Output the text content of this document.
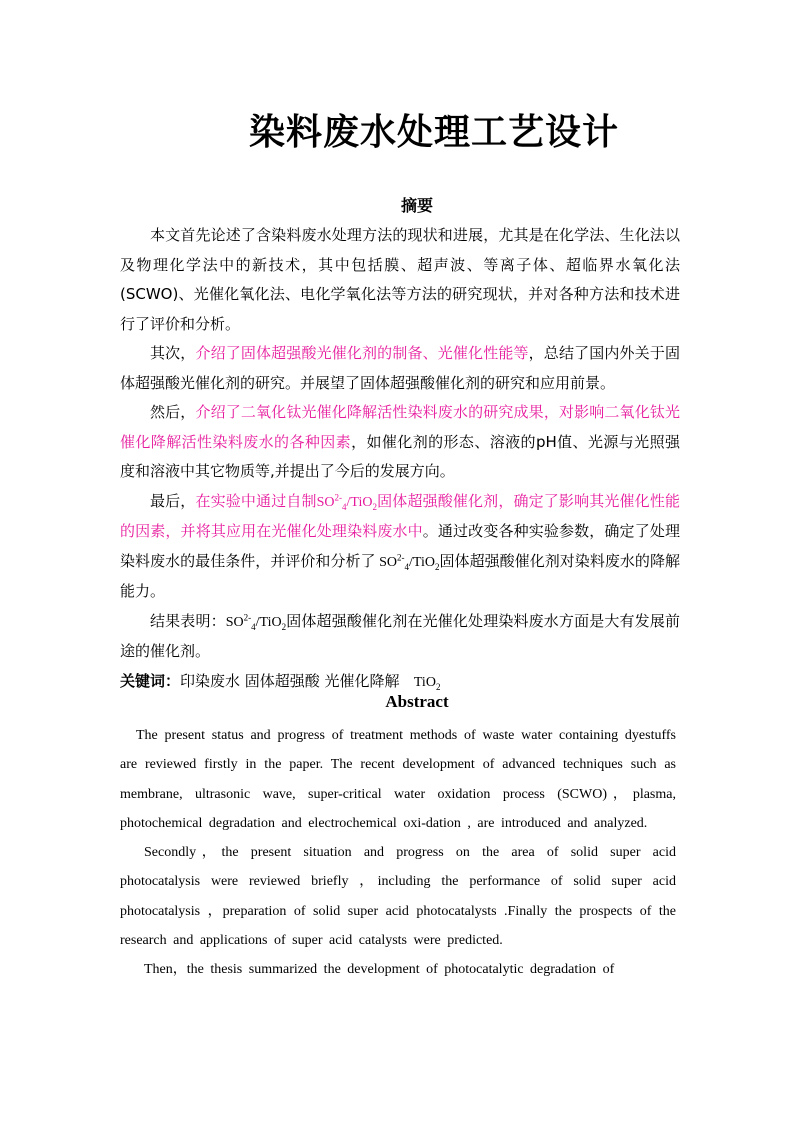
染料废水处理工艺设计
摘要

本文首先论述了含染料废水处理方法的现状和进展，尤其是在化学法、生化法以及物理化学法中的新技术，其中包括膜、超声波、等离子体、超临界水氧化法(SCWO)、光催化氧化法、电化学氧化法等方法的研究现状，并对各种方法和技术进行了评价和分析。

其次，介绍了固体超强酸光催化剂的制备、光催化性能等，总结了国内外关于固体超强酸光催化剂的研究。并展望了固体超强酸催化剂的研究和应用前景。

然后，介绍了二氧化钛光催化降解活性染料废水的研究成果，对影响二氧化钛光催化降解活性染料废水的各种因素，如催化剂的形态、溶液的pH值、光源与光照强度和溶液中其它物质等,并提出了今后的发展方向。

最后，在实验中通过自制$SO^{2-}_4/TiO_2$固体超强酸催化剂，确定了影响其光催化性能的因素，并将其应用在光催化处理染料废水中。通过改变各种实验参数，确定了处理染料废水的最佳条件，并评价和分析了 $SO^{2-}_4/TiO_2$固体超强酸催化剂对染料废水的降解能力。

结果表明：$SO^{2-}_4/TiO_2$固体超强酸催化剂在光催化处理染料废水方面是大有发展前途的催化剂。

关键词：印染废水 固体超强酸 光催化降解 TiO$_2$

Abstract

The present status and progress of treatment methods of waste water containing dyestuffs are reviewed firstly in the paper. The recent development of advanced techniques such as membrane, ultrasonic wave, super-critical water oxidation process (SCWO)，plasma, photochemical degradation and electrochemical oxi-dation , are introduced and analyzed.

Secondly，the present situation and progress on the area of solid super acid photocatalysis were reviewed briefly ，including the performance of solid super acid photocatalysis ，preparation of solid super acid photocatalysts .Finally the prospects of the research and applications of super acid catalysts were predicted.

Then，the thesis summarized the development of photocatalytic degradation of
